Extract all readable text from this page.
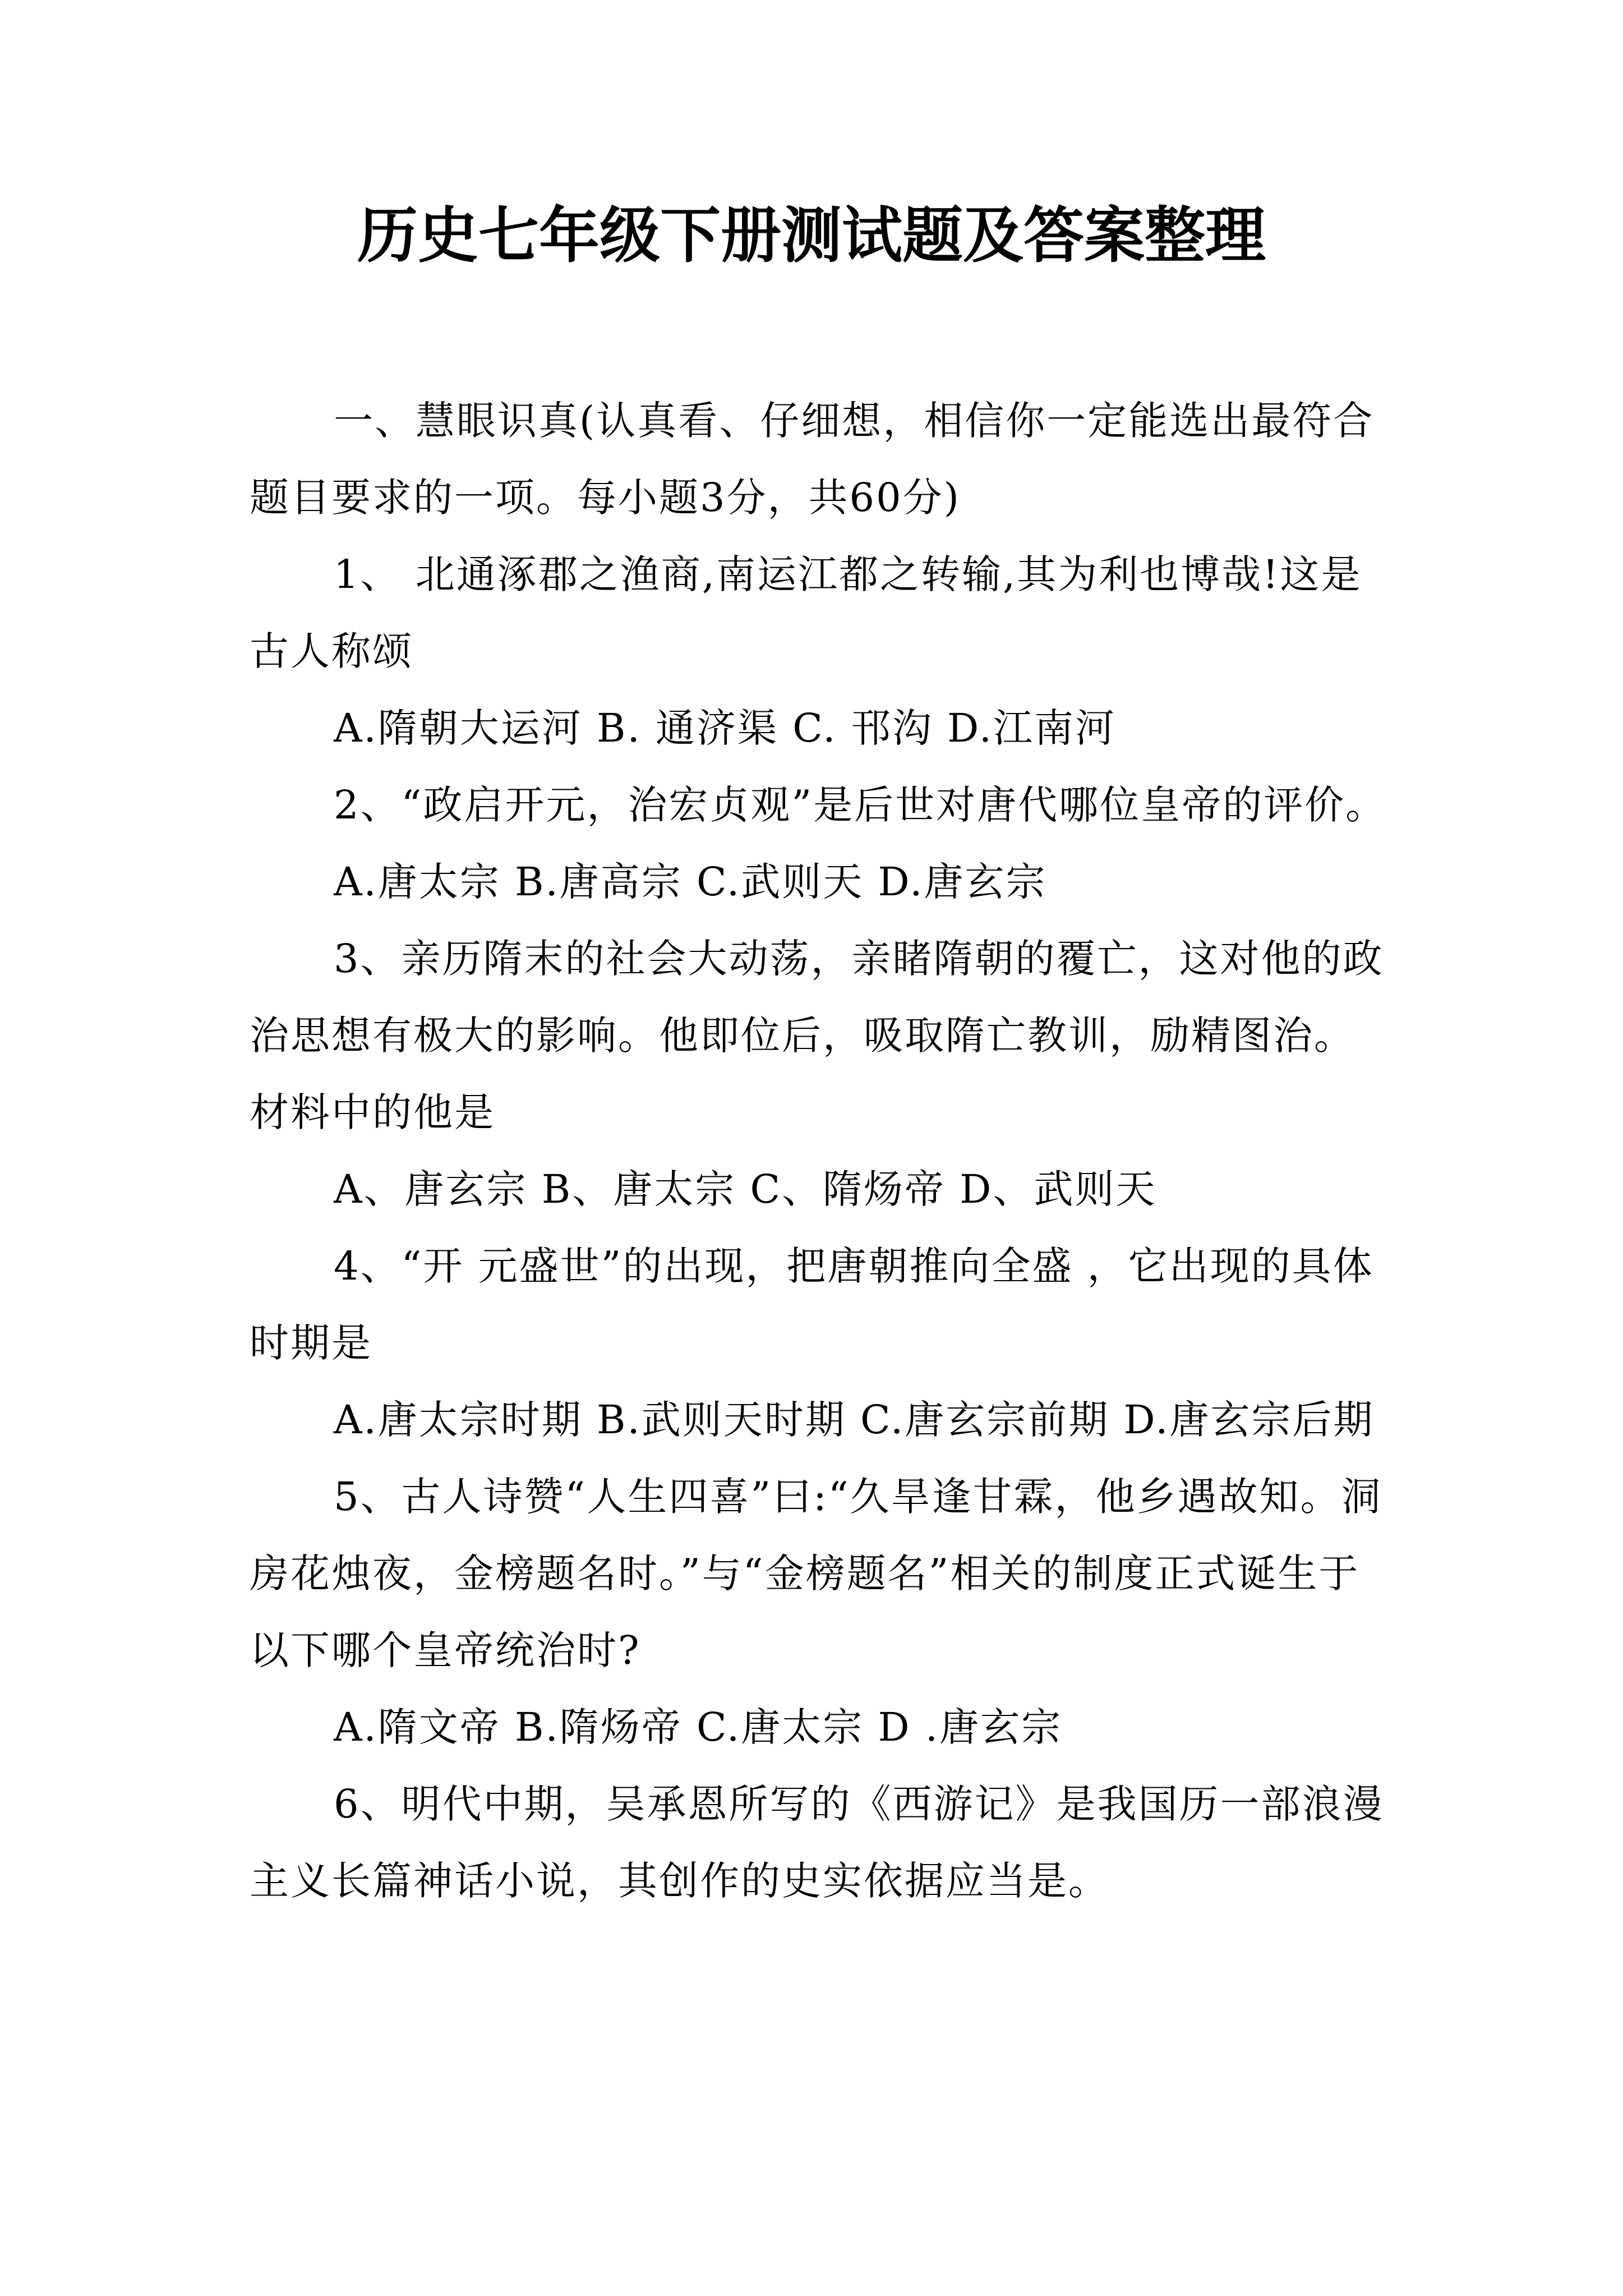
历史七年级下册测试题及答案整理

一、慧眼识真(认真看、仔细想，相信你一定能选出最符合题目要求的一项。每小题3分，共60分)

1、 北通涿郡之渔商,南运江都之转输,其为利也博哉!这是古人称颂

A.隋朝大运河 B. 通济渠 C. 邗沟 D.江南河

2、“政启开元，治宏贞观”是后世对唐代哪位皇帝的评价。

A.唐太宗 B.唐高宗 C.武则天 D.唐玄宗

3、亲历隋末的社会大动荡，亲睹隋朝的覆亡，这对他的政治思想有极大的影响。他即位后，吸取隋亡教训，励精图治。材料中的他是

A、唐玄宗 B、唐太宗 C、隋炀帝 D、武则天

4、“开 元盛世”的出现，把唐朝推向全盛 ，它出现的具体时期是

A.唐太宗时期 B.武则天时期 C.唐玄宗前期 D.唐玄宗后期

5、古人诗赞“人生四喜”曰:“久旱逢甘霖，他乡遇故知。洞房花烛夜，金榜题名时。”与“金榜题名”相关的制度正式诞生于以下哪个皇帝统治时?

A.隋文帝 B.隋炀帝 C.唐太宗 D .唐玄宗

6、明代中期，吴承恩所写的《西游记》是我国历一部浪漫主义长篇神话小说，其创作的史实依据应当是。
